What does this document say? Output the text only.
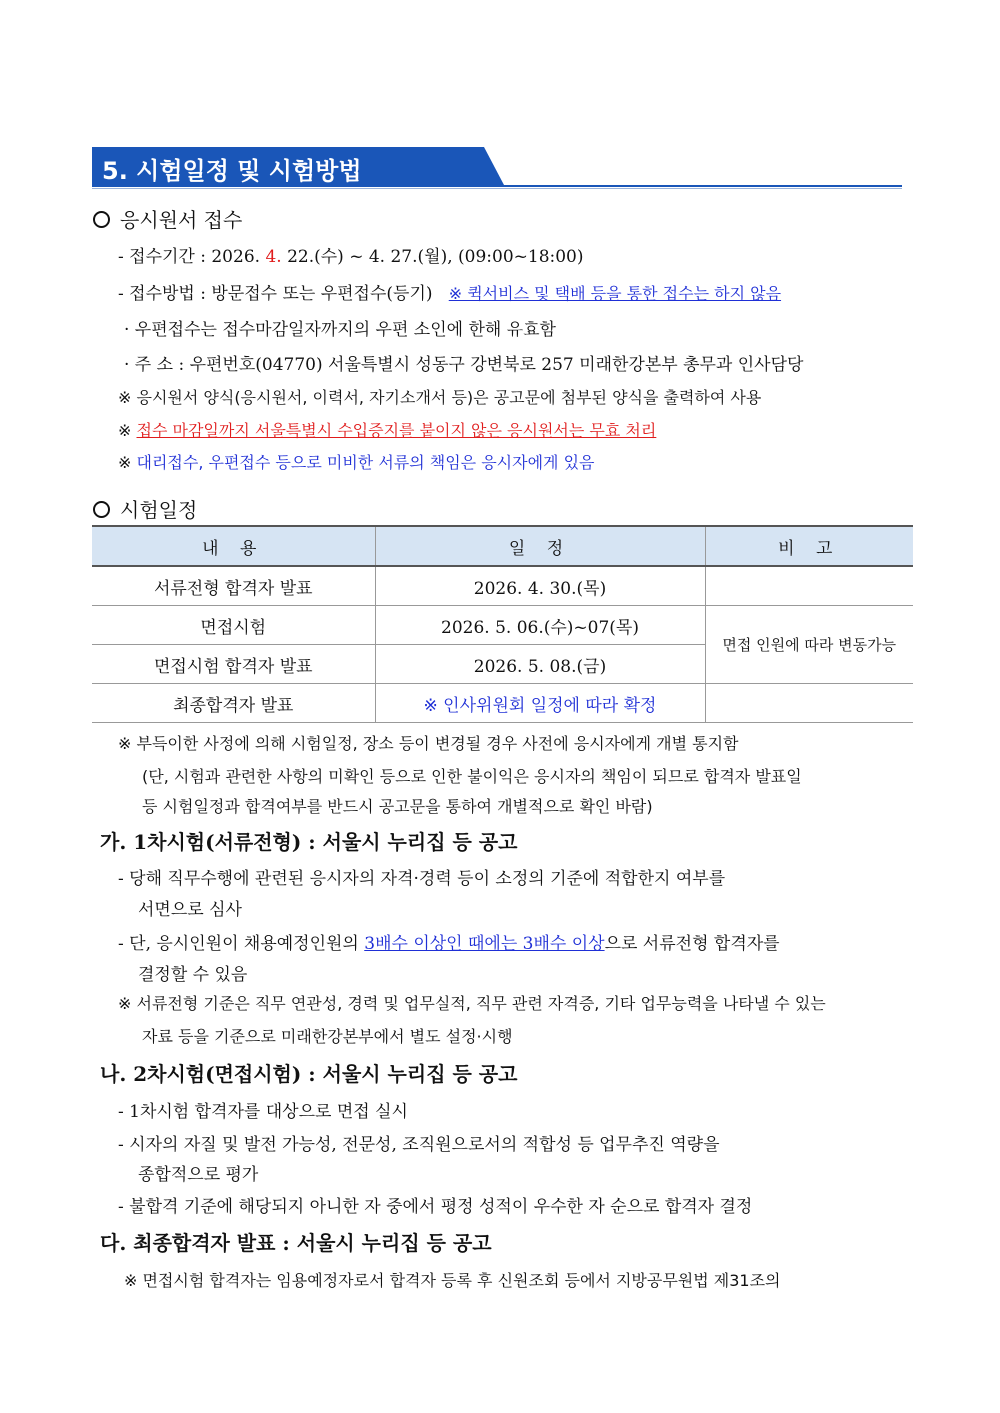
5. 시험일정 및 시험방법
응시원서 접수
- 접수기간 : 2026. 4. 22.(수) ~ 4. 27.(월), (09:00~18:00)
- 접수방법 : 방문접수 또는 우편접수(등기) ※ 퀵서비스 및 택배 등을 통한 접수는 하지 않음
· 우편접수는 접수마감일자까지의 우편 소인에 한해 유효함
· 주 소 : 우편번호(04770) 서울특별시 성동구 강변북로 257 미래한강본부 총무과 인사담당
※ 응시원서 양식(응시원서, 이력서, 자기소개서 등)은 공고문에 첨부된 양식을 출력하여 사용
※ 접수 마감일까지 서울특별시 수입증지를 붙이지 않은 응시원서는 무효 처리
※ 대리접수, 우편접수 등으로 미비한 서류의 책임은 응시자에게 있음
시험일정
내 용	일 정	비 고
서류전형 합격자 발표	2026. 4. 30.(목)	
면접시험	2026. 5. 06.(수)~07(목)	면접 인원에 따라 변동가능
면접시험 합격자 발표	2026. 5. 08.(금)	
최종합격자 발표	※ 인사위원회 일정에 따라 확정	
※ 부득이한 사정에 의해 시험일정, 장소 등이 변경될 경우 사전에 응시자에게 개별 통지함
(단, 시험과 관련한 사항의 미확인 등으로 인한 불이익은 응시자의 책임이 되므로 합격자 발표일
등 시험일정과 합격여부를 반드시 공고문을 통하여 개별적으로 확인 바람)
가. 1차시험(서류전형) : 서울시 누리집 등 공고
- 당해 직무수행에 관련된 응시자의 자격·경력 등이 소정의 기준에 적합한지 여부를
서면으로 심사
- 단, 응시인원이 채용예정인원의 3배수 이상인 때에는 3배수 이상으로 서류전형 합격자를
결정할 수 있음
※ 서류전형 기준은 직무 연관성, 경력 및 업무실적, 직무 관련 자격증, 기타 업무능력을 나타낼 수 있는
자료 등을 기준으로 미래한강본부에서 별도 설정·시행
나. 2차시험(면접시험) : 서울시 누리집 등 공고
- 1차시험 합격자를 대상으로 면접 실시
- 시자의 자질 및 발전 가능성, 전문성, 조직원으로서의 적합성 등 업무추진 역량을
종합적으로 평가
- 불합격 기준에 해당되지 아니한 자 중에서 평정 성적이 우수한 자 순으로 합격자 결정
다. 최종합격자 발표 : 서울시 누리집 등 공고
※ 면접시험 합격자는 임용예정자로서 합격자 등록 후 신원조회 등에서 지방공무원법 제31조의
